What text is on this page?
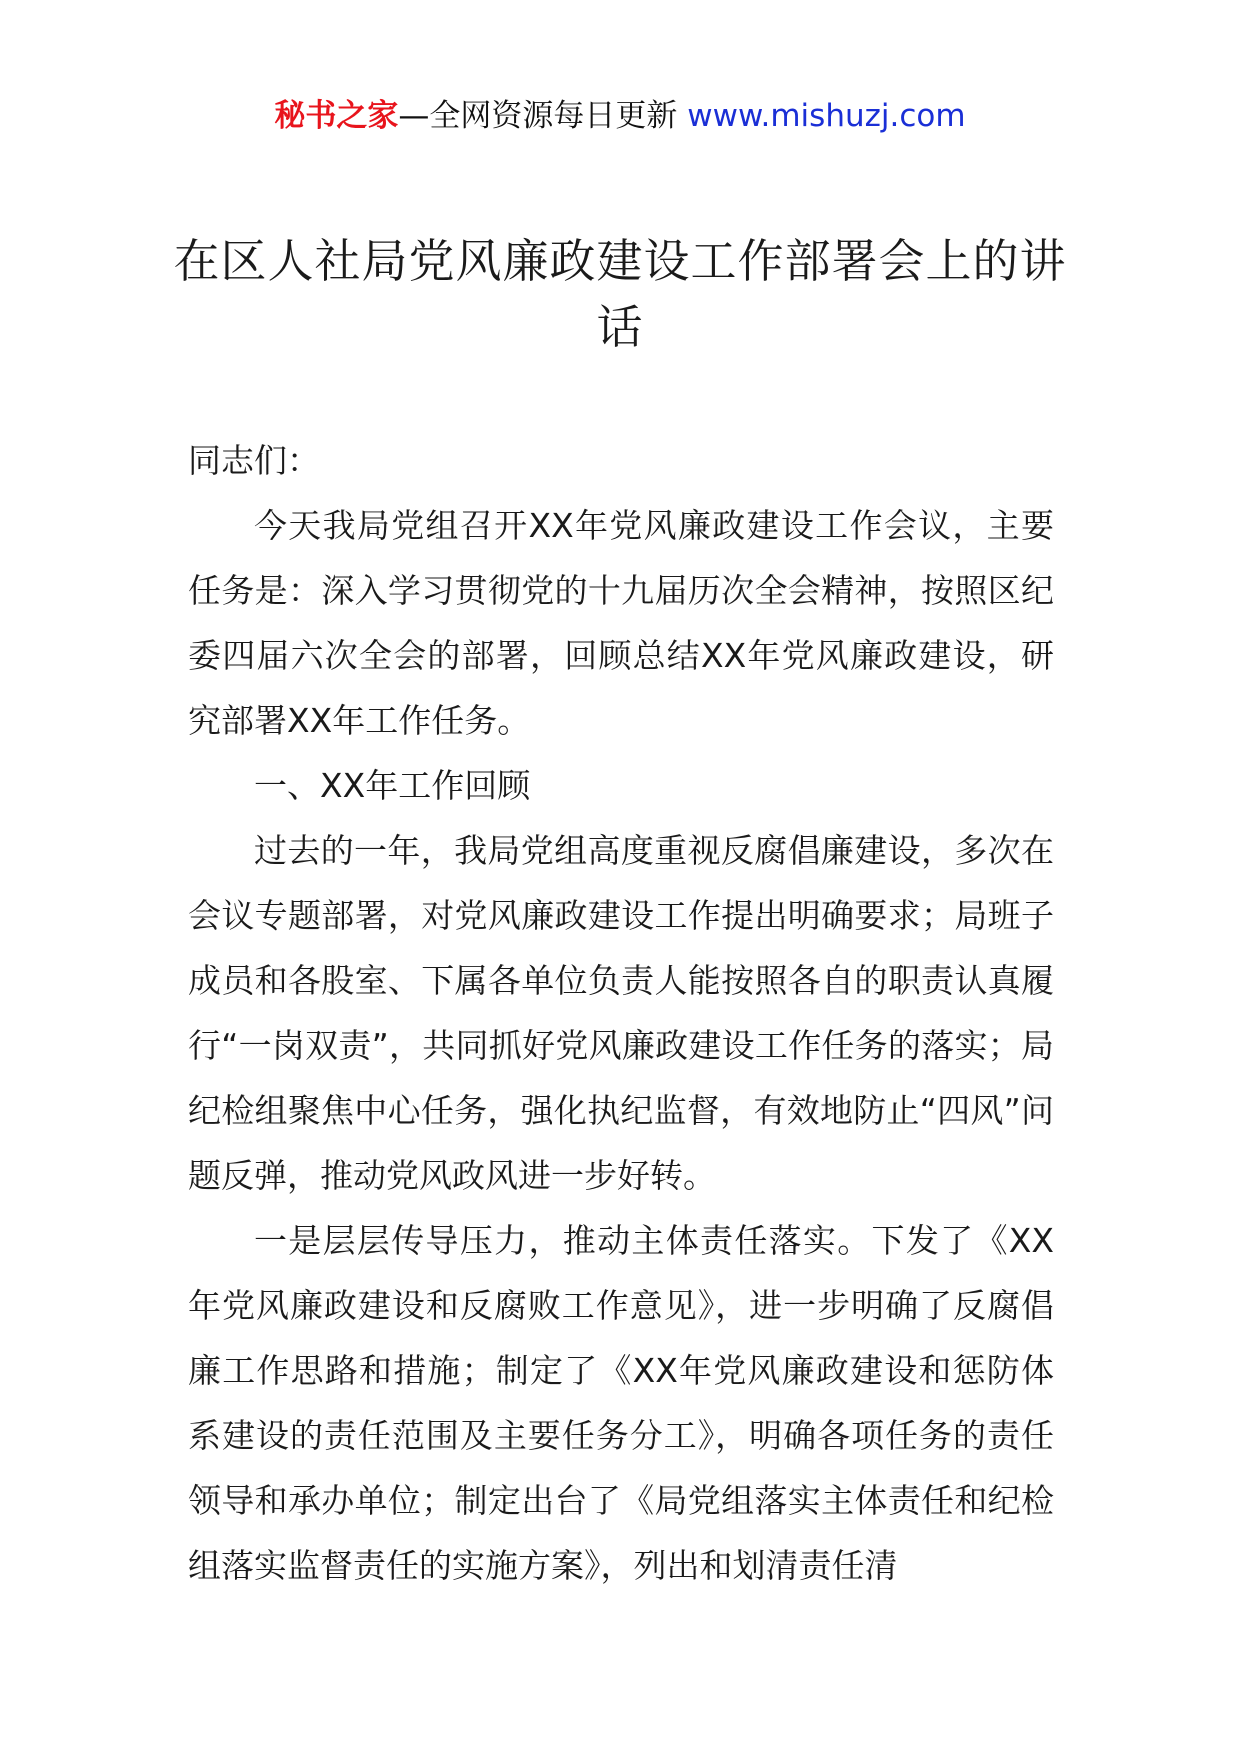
秘书之家—全网资源每日更新 www.mishuzj.com
在区人社局党风廉政建设工作部署会上的讲话

同志们：

今天我局党组召开XX年党风廉政建设工作会议，主要任务是：深入学习贯彻党的十九届历次全会精神，按照区纪委四届六次全会的部署，回顾总结XX年党风廉政建设，研究部署XX年工作任务。

一、XX年工作回顾

过去的一年，我局党组高度重视反腐倡廉建设，多次在会议专题部署，对党风廉政建设工作提出明确要求；局班子成员和各股室、下属各单位负责人能按照各自的职责认真履行“一岗双责”，共同抓好党风廉政建设工作任务的落实；局纪检组聚焦中心任务，强化执纪监督，有效地防止“四风”问题反弹，推动党风政风进一步好转。

一是层层传导压力，推动主体责任落实。下发了《XX年党风廉政建设和反腐败工作意见》，进一步明确了反腐倡廉工作思路和措施；制定了《XX年党风廉政建设和惩防体系建设的责任范围及主要任务分工》，明确各项任务的责任领导和承办单位；制定出台了《局党组落实主体责任和纪检组落实监督责任的实施方案》，列出和划清责任清
